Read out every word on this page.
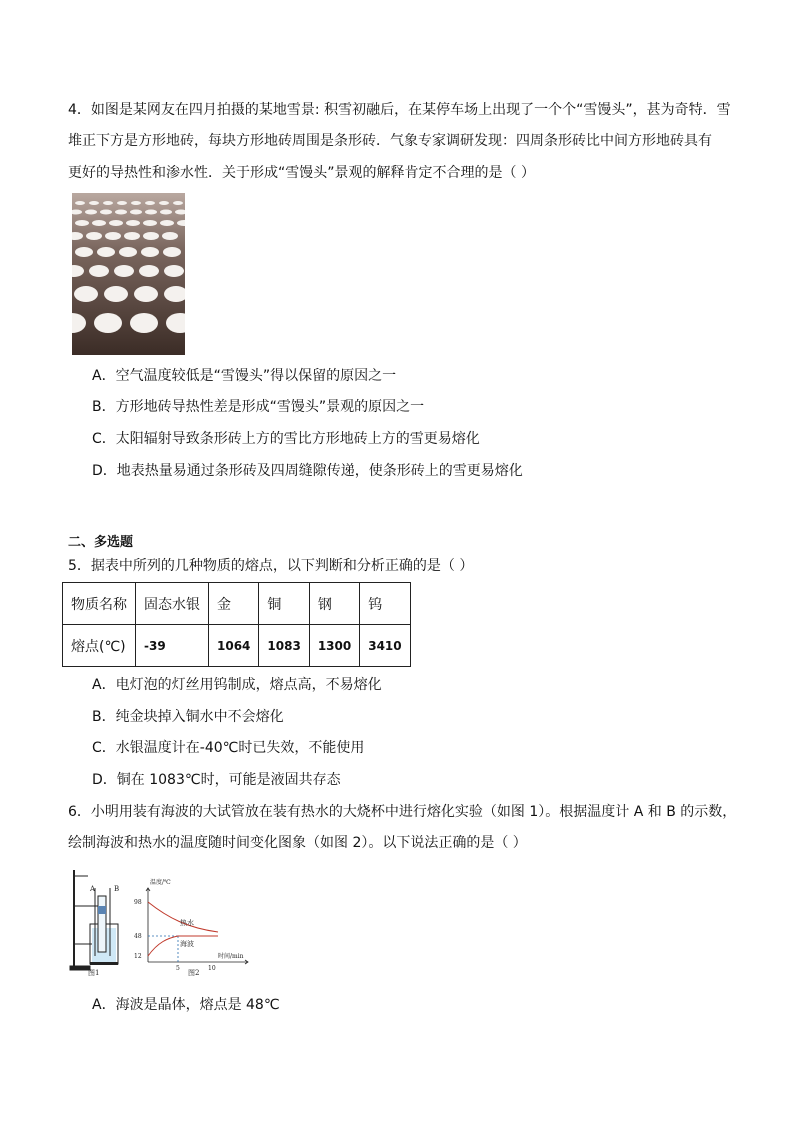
4．如图是某网友在四月拍摄的某地雪景: 积雪初融后，在某停车场上出现了一个个“雪馒头”，甚为奇特．雪
A．空气温度较低是“雪馒头”得以保留的原因之一
B．方形地砖导热性差是形成“雪馒头”景观的原因之一
C．太阳辐射导致条形砖上方的雪比方形地砖上方的雪更易熔化
D．地表热量易通过条形砖及四周缝隙传递，使条形砖上的雪更易熔化
二、多选题
5．据表中所列的几种物质的熔点，以下判断和分析正确的是（ ）
物质名称	固态水银	金	铜	钢	钨
熔点(℃)	-39	1064	1083	1300	3410
A．电灯泡的灯丝用钨制成，熔点高，不易熔化
B．纯金块掉入铜水中不会熔化
C．水银温度计在-40℃时已失效，不能使用
D．铜在 1083℃时，可能是液固共存态
6．小明用装有海波的大试管放在装有热水的大烧杯中进行熔化实验（如图 1）。根据温度计 A 和 B 的示数，
绘制海波和热水的温度随时间变化图象（如图 2）。以下说法正确的是（ ）
A	B
图1
温度/℃
98
48
12
5	10
时间/min
热水
海波
图2
A．海波是晶体，熔点是 48℃
堆正下方是方形地砖，每块方形地砖周围是条形砖．气象专家调研发现：四周条形砖比中间方形地砖具有
更好的导热性和渗水性．关于形成“雪馒头”景观的解释肯定不合理的是（ ）
